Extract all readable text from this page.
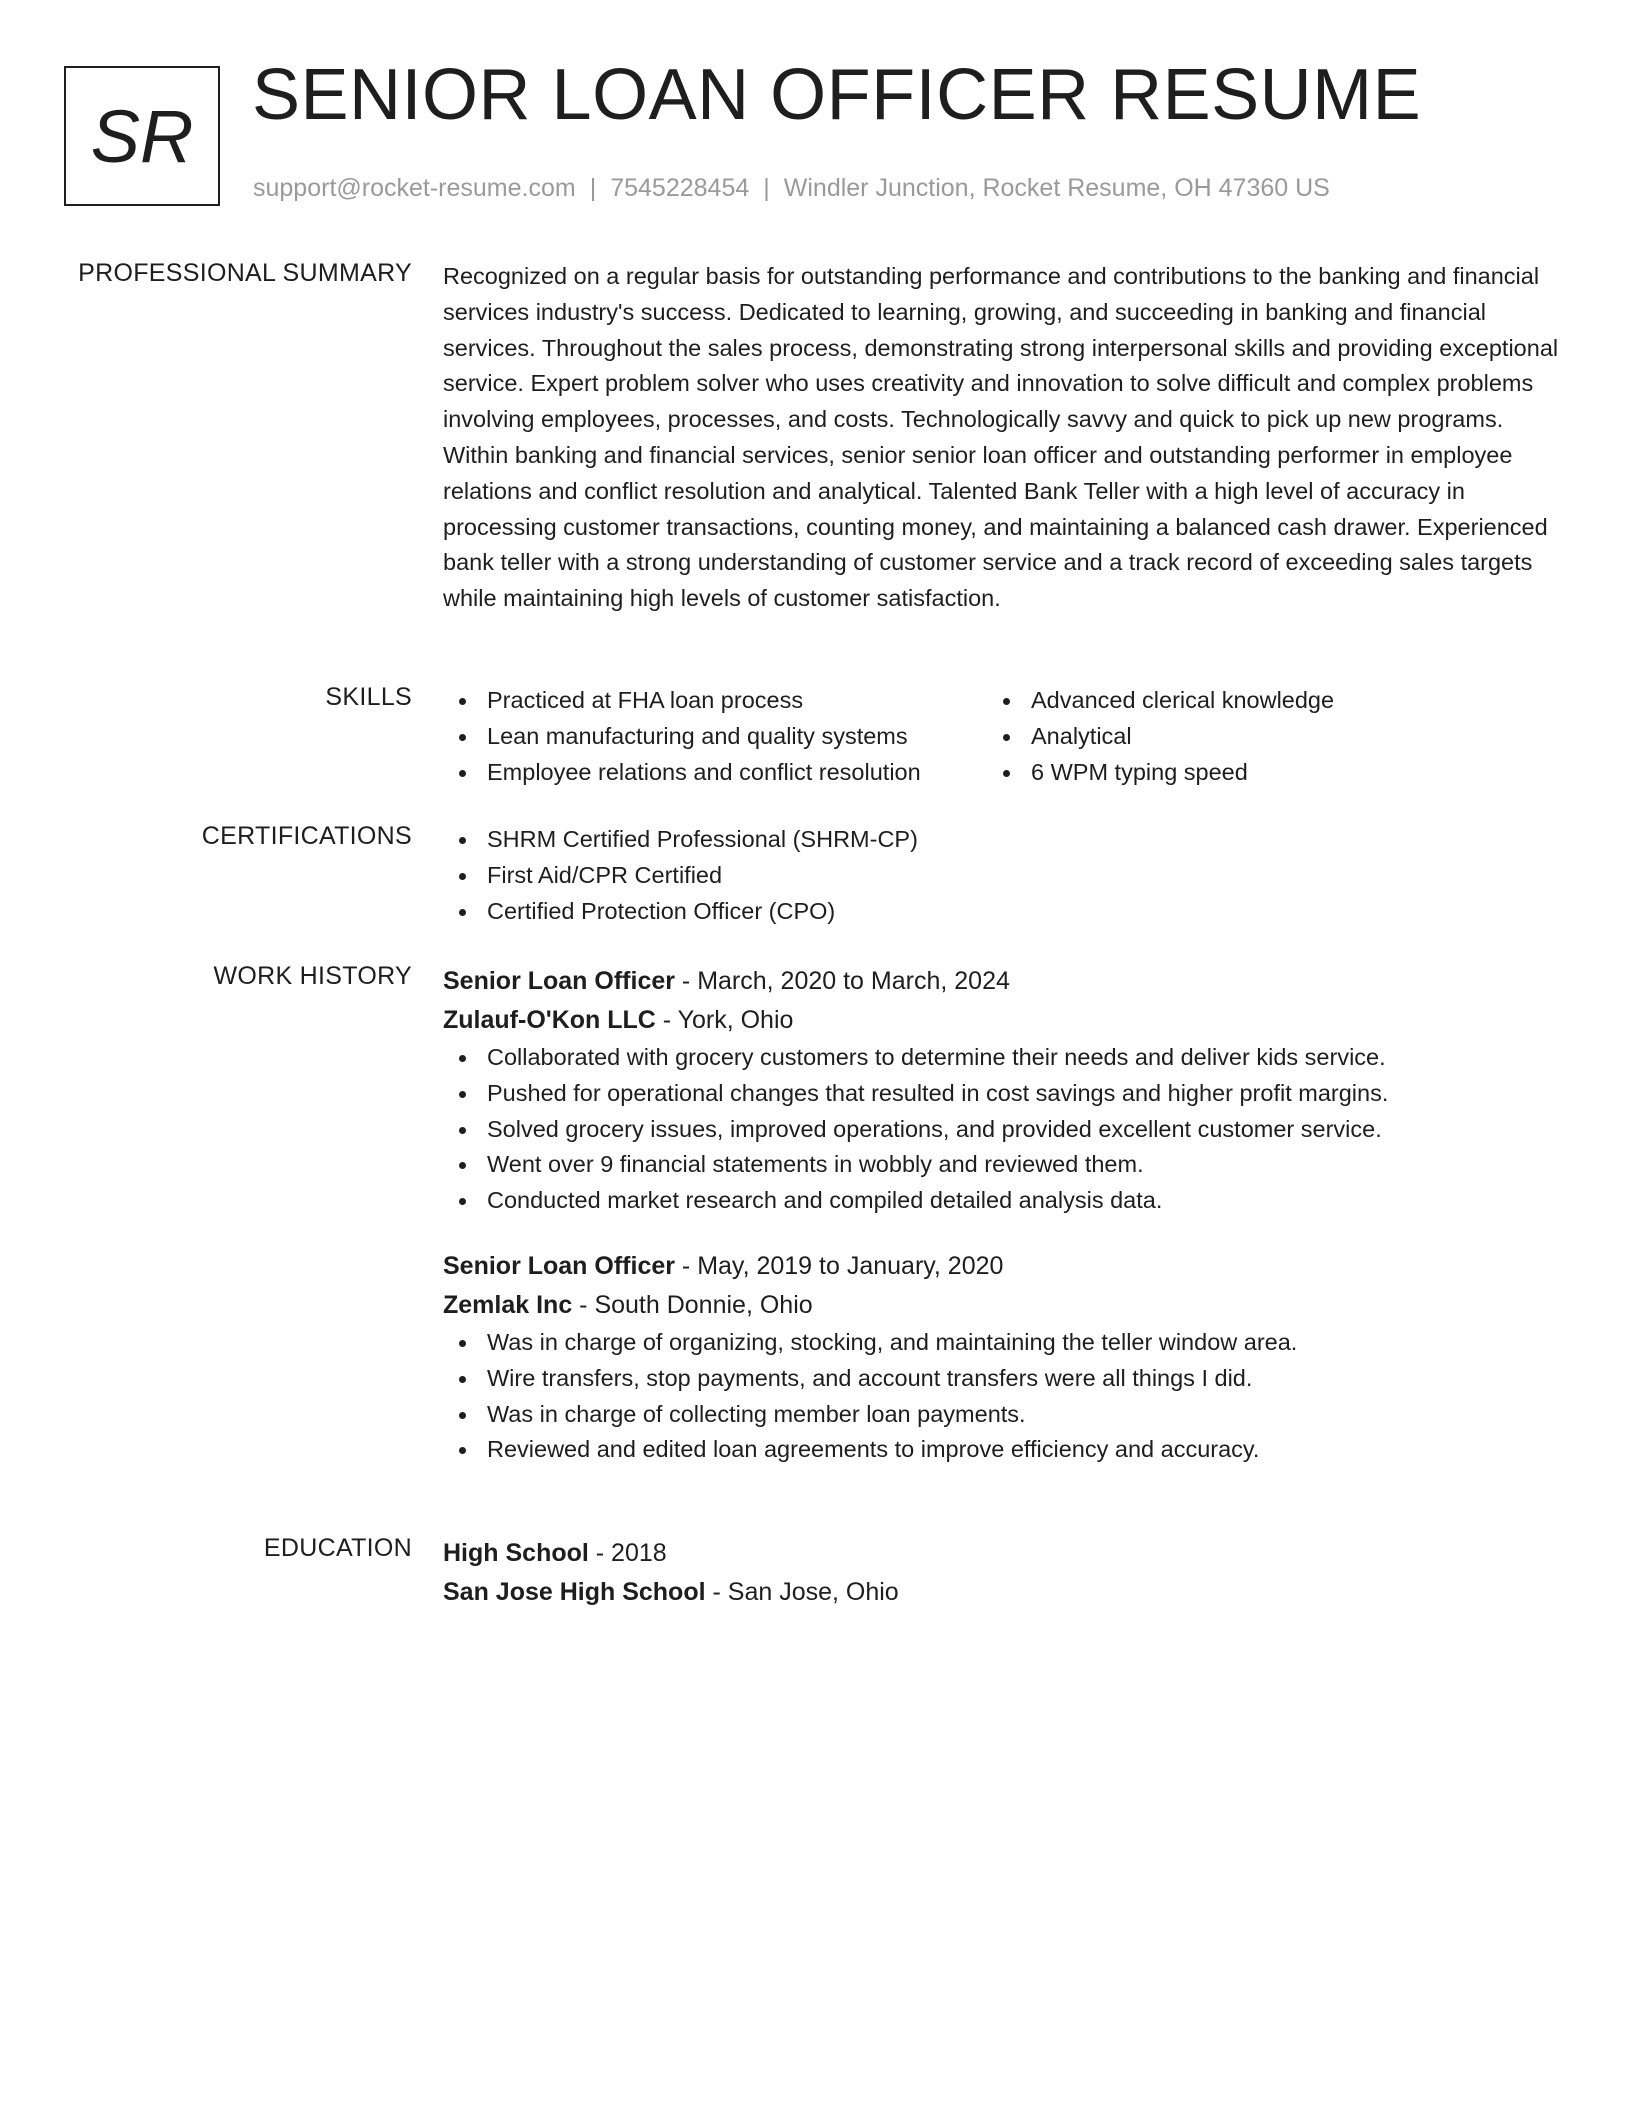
SR SENIOR LOAN OFFICER RESUME
support@rocket-resume.com | 7545228454 | Windler Junction, Rocket Resume, OH 47360 US
PROFESSIONAL SUMMARY Recognized on a regular basis for outstanding performance and contributions to the banking and financial services industry's success. Dedicated to learning, growing, and succeeding in banking and financial services. Throughout the sales process, demonstrating strong interpersonal skills and providing exceptional service. Expert problem solver who uses creativity and innovation to solve difficult and complex problems involving employees, processes, and costs. Technologically savvy and quick to pick up new programs. Within banking and financial services, senior senior loan officer and outstanding performer in employee relations and conflict resolution and analytical. Talented Bank Teller with a high level of accuracy in processing customer transactions, counting money, and maintaining a balanced cash drawer. Experienced bank teller with a strong understanding of customer service and a track record of exceeding sales targets while maintaining high levels of customer satisfaction.

SKILLS	Practiced at FHA loan process
Lean manufacturing and quality systems
Employee relations and conflict resolution
Advanced clerical knowledge
Analytical
6 WPM typing speed
CERTIFICATIONS	SHRM Certified Professional (SHRM-CP)
First Aid/CPR Certified
Certified Protection Officer (CPO)
WORK HISTORY Senior Loan Officer - March, 2020 to March, 2024
Zulauf-O'Kon LLC - York, Ohio
Collaborated with grocery customers to determine their needs and deliver kids service.
Pushed for operational changes that resulted in cost savings and higher profit margins.
Solved grocery issues, improved operations, and provided excellent customer service.
Went over 9 financial statements in wobbly and reviewed them.
Conducted market research and compiled detailed analysis data.
Senior Loan Officer - May, 2019 to January, 2020
Zemlak Inc - South Donnie, Ohio
Was in charge of organizing, stocking, and maintaining the teller window area.
Wire transfers, stop payments, and account transfers were all things I did.
Was in charge of collecting member loan payments.
Reviewed and edited loan agreements to improve efficiency and accuracy.
EDUCATION High School - 2018
San Jose High School - San Jose, Ohio
